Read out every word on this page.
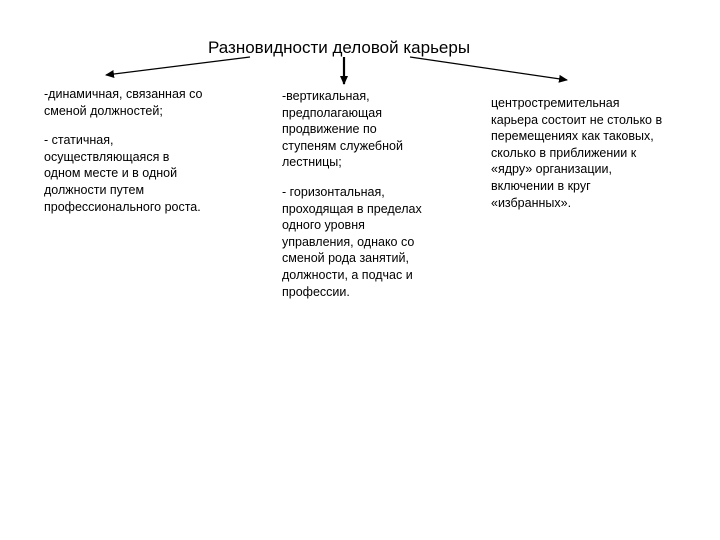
Разновидности деловой карьеры

-динамичная, связанная со сменой должностей;

- статичная, осуществляющаяся в одном месте и в одной должности путем профессионального роста.

-вертикальная, предполагающая продвижение по ступеням служебной лестницы;

- горизонтальная, проходящая в пределах одного уровня управления, однако со сменой рода занятий, должности, а подчас и профессии.

центростремительная карьера состоит не столько в перемещениях как таковых, сколько в приближении к «ядру» организации, включении в круг «избранных».
